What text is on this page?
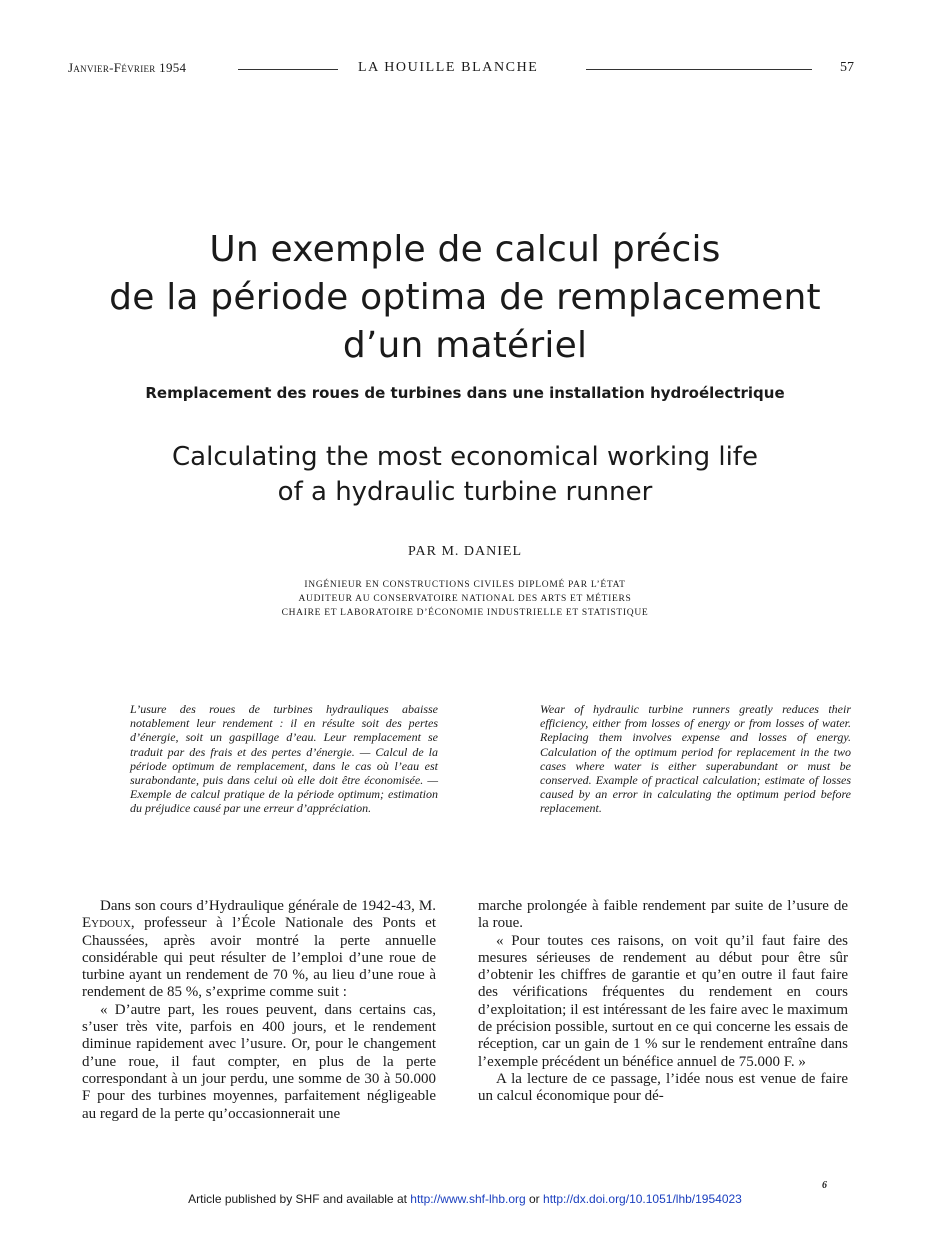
Janvier-Février 1954	LA HOUILLE BLANCHE	57
Un exemple de calcul précis
de la période optima de remplacement
d’un matériel
Remplacement des roues de turbines dans une installation hydroélectrique
Calculating the most economical working life
of a hydraulic turbine runner
PAR M. DANIEL
INGÉNIEUR EN CONSTRUCTIONS CIVILES DIPLOMÉ PAR L’ÉTAT
AUDITEUR AU CONSERVATOIRE NATIONAL DES ARTS ET MÉTIERS
CHAIRE ET LABORATOIRE D’ÉCONOMIE INDUSTRIELLE ET STATISTIQUE
L’usure des roues de turbines hydrauliques abaisse notablement leur rendement : il en résulte soit des pertes d’énergie, soit un gaspillage d’eau. Leur remplacement se traduit par des frais et des pertes d’énergie. — Calcul de la période optimum de remplacement, dans le cas où l’eau est surabondante, puis dans celui où elle doit être économisée. — Exemple de calcul pratique de la période optimum; estimation du préjudice causé par une erreur d’appréciation.
Wear of hydraulic turbine runners greatly reduces their efficiency, either from losses of energy or from losses of water. Replacing them involves expense and losses of energy. Calculation of the optimum period for replacement in the two cases where water is either superabundant or must be conserved. Example of practical calculation; estimate of losses caused by an error in calculating the optimum period before replacement.

Dans son cours d’Hydraulique générale de 1942-43, M. Eydoux, professeur à l’École Nationale des Ponts et Chaussées, après avoir montré la perte annuelle considérable qui peut résulter de l’emploi d’une roue de turbine ayant un rendement de 70 %, au lieu d’une roue à rendement de 85 %, s’exprime comme suit :

« D’autre part, les roues peuvent, dans certains cas, s’user très vite, parfois en 400 jours, et le rendement diminue rapidement avec l’usure. Or, pour le changement d’une roue, il faut compter, en plus de la perte correspondant à un jour perdu, une somme de 30 à 50.000 F pour des turbines moyennes, parfaitement négligeable au regard de la perte qu’occasionnerait une

marche prolongée à faible rendement par suite de l’usure de la roue.

« Pour toutes ces raisons, on voit qu’il faut faire des mesures sérieuses de rendement au début pour être sûr d’obtenir les chiffres de garantie et qu’en outre il faut faire des vérifications fréquentes du rendement en cours d’exploitation; il est intéressant de les faire avec le maximum de précision possible, surtout en ce qui concerne les essais de réception, car un gain de 1 % sur le rendement entraîne dans l’exemple précédent un bénéfice annuel de 75.000 F. »

A la lecture de ce passage, l’idée nous est venue de faire un calcul économique pour dé-

6
Article published by SHF and available at http://www.shf-lhb.org or http://dx.doi.org/10.1051/lhb/1954023
